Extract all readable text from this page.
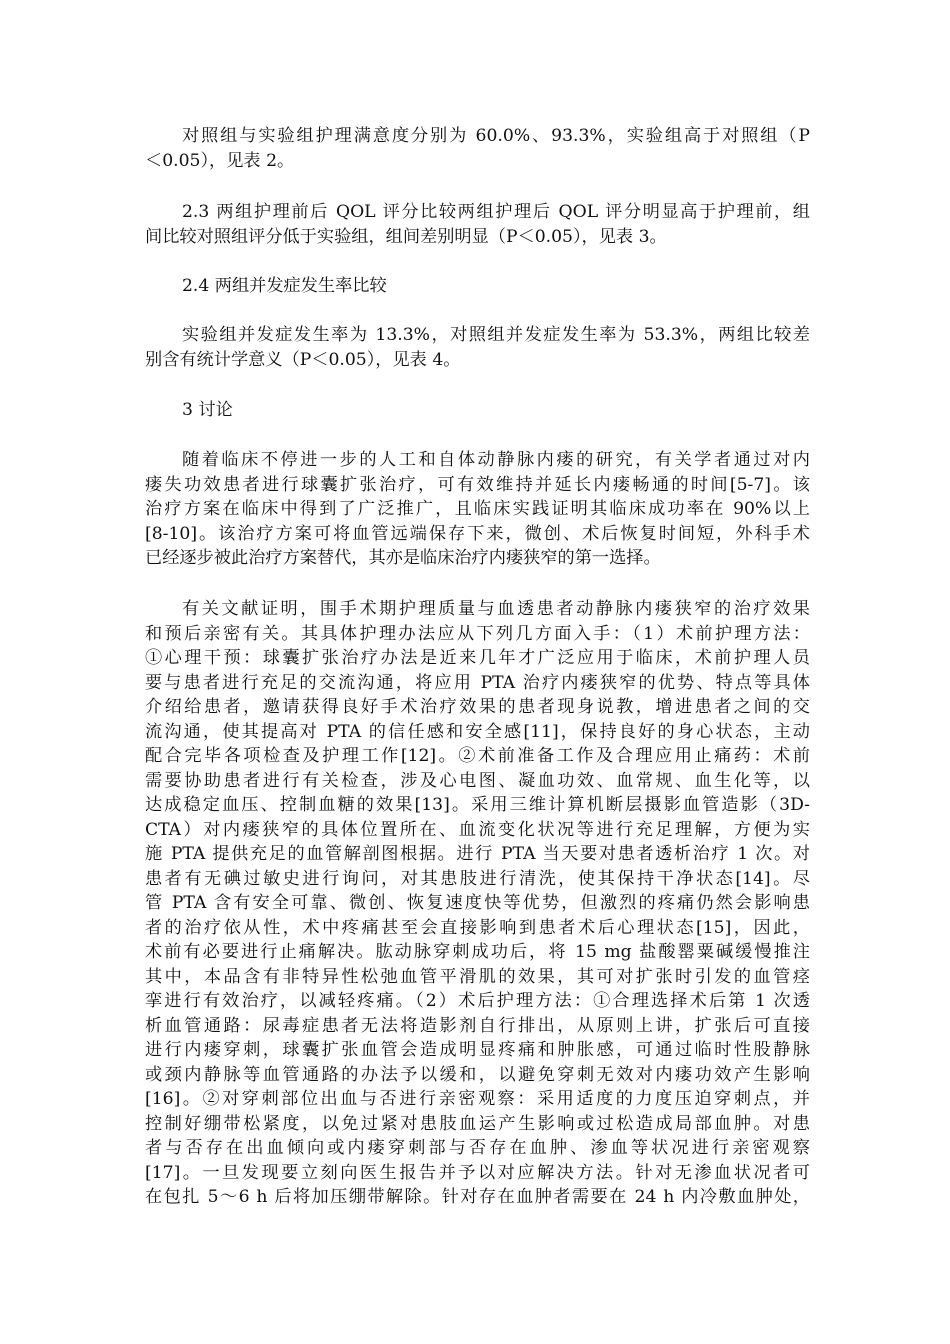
对照组与实验组护理满意度分别为 60.0%、93.3%，实验组高于对照组（P
＜0.05），见表 2。
2.3 两组护理前后 QOL 评分比较两组护理后 QOL 评分明显高于护理前，组
间比较对照组评分低于实验组，组间差别明显（P＜0.05），见表 3。
2.4 两组并发症发生率比较
实验组并发症发生率为 13.3%，对照组并发症发生率为 53.3%，两组比较差
别含有统计学意义（P＜0.05），见表 4。
3 讨论
随着临床不停进一步的人工和自体动静脉内瘘的研究，有关学者通过对内
瘘失功效患者进行球囊扩张治疗，可有效维持并延长内瘘畅通的时间[5-7]。该
治疗方案在临床中得到了广泛推广，且临床实践证明其临床成功率在 90%以上
[8-10]。该治疗方案可将血管远端保存下来，微创、术后恢复时间短，外科手术
已经逐步被此治疗方案替代，其亦是临床治疗内瘘狭窄的第一选择。
有关文献证明，围手术期护理质量与血透患者动静脉内瘘狭窄的治疗效果
和预后亲密有关。其具体护理办法应从下列几方面入手：（1）术前护理方法：
①心理干预：球囊扩张治疗办法是近来几年才广泛应用于临床，术前护理人员
要与患者进行充足的交流沟通，将应用 PTA 治疗内瘘狭窄的优势、特点等具体
介绍给患者，邀请获得良好手术治疗效果的患者现身说教，增进患者之间的交
流沟通，使其提高对 PTA 的信任感和安全感[11]，保持良好的身心状态，主动
配合完毕各项检查及护理工作[12]。②术前准备工作及合理应用止痛药：术前
需要协助患者进行有关检查，涉及心电图、凝血功效、血常规、血生化等，以
达成稳定血压、控制血糖的效果[13]。采用三维计算机断层摄影血管造影（3D-
CTA）对内瘘狭窄的具体位置所在、血流变化状况等进行充足理解，方便为实
施 PTA 提供充足的血管解剖图根据。进行 PTA 当天要对患者透析治疗 1 次。对
患者有无碘过敏史进行询问，对其患肢进行清洗，使其保持干净状态[14]。尽
管 PTA 含有安全可靠、微创、恢复速度快等优势，但激烈的疼痛仍然会影响患
者的治疗依从性，术中疼痛甚至会直接影响到患者术后心理状态[15]，因此，
术前有必要进行止痛解决。肱动脉穿刺成功后，将 15 mg 盐酸罂粟碱缓慢推注
其中，本品含有非特异性松弛血管平滑肌的效果，其可对扩张时引发的血管痉
挛进行有效治疗，以减轻疼痛。（2）术后护理方法：①合理选择术后第 1 次透
析血管通路：尿毒症患者无法将造影剂自行排出，从原则上讲，扩张后可直接
进行内瘘穿刺，球囊扩张血管会造成明显疼痛和肿胀感，可通过临时性股静脉
或颈内静脉等血管通路的办法予以缓和，以避免穿刺无效对内瘘功效产生影响
[16]。②对穿刺部位出血与否进行亲密观察：采用适度的力度压迫穿刺点，并
控制好绷带松紧度，以免过紧对患肢血运产生影响或过松造成局部血肿。对患
者与否存在出血倾向或内瘘穿刺部与否存在血肿、渗血等状况进行亲密观察
[17]。一旦发现要立刻向医生报告并予以对应解决方法。针对无渗血状况者可
在包扎 5～6 h 后将加压绷带解除。针对存在血肿者需要在 24 h 内冷敷血肿处，
